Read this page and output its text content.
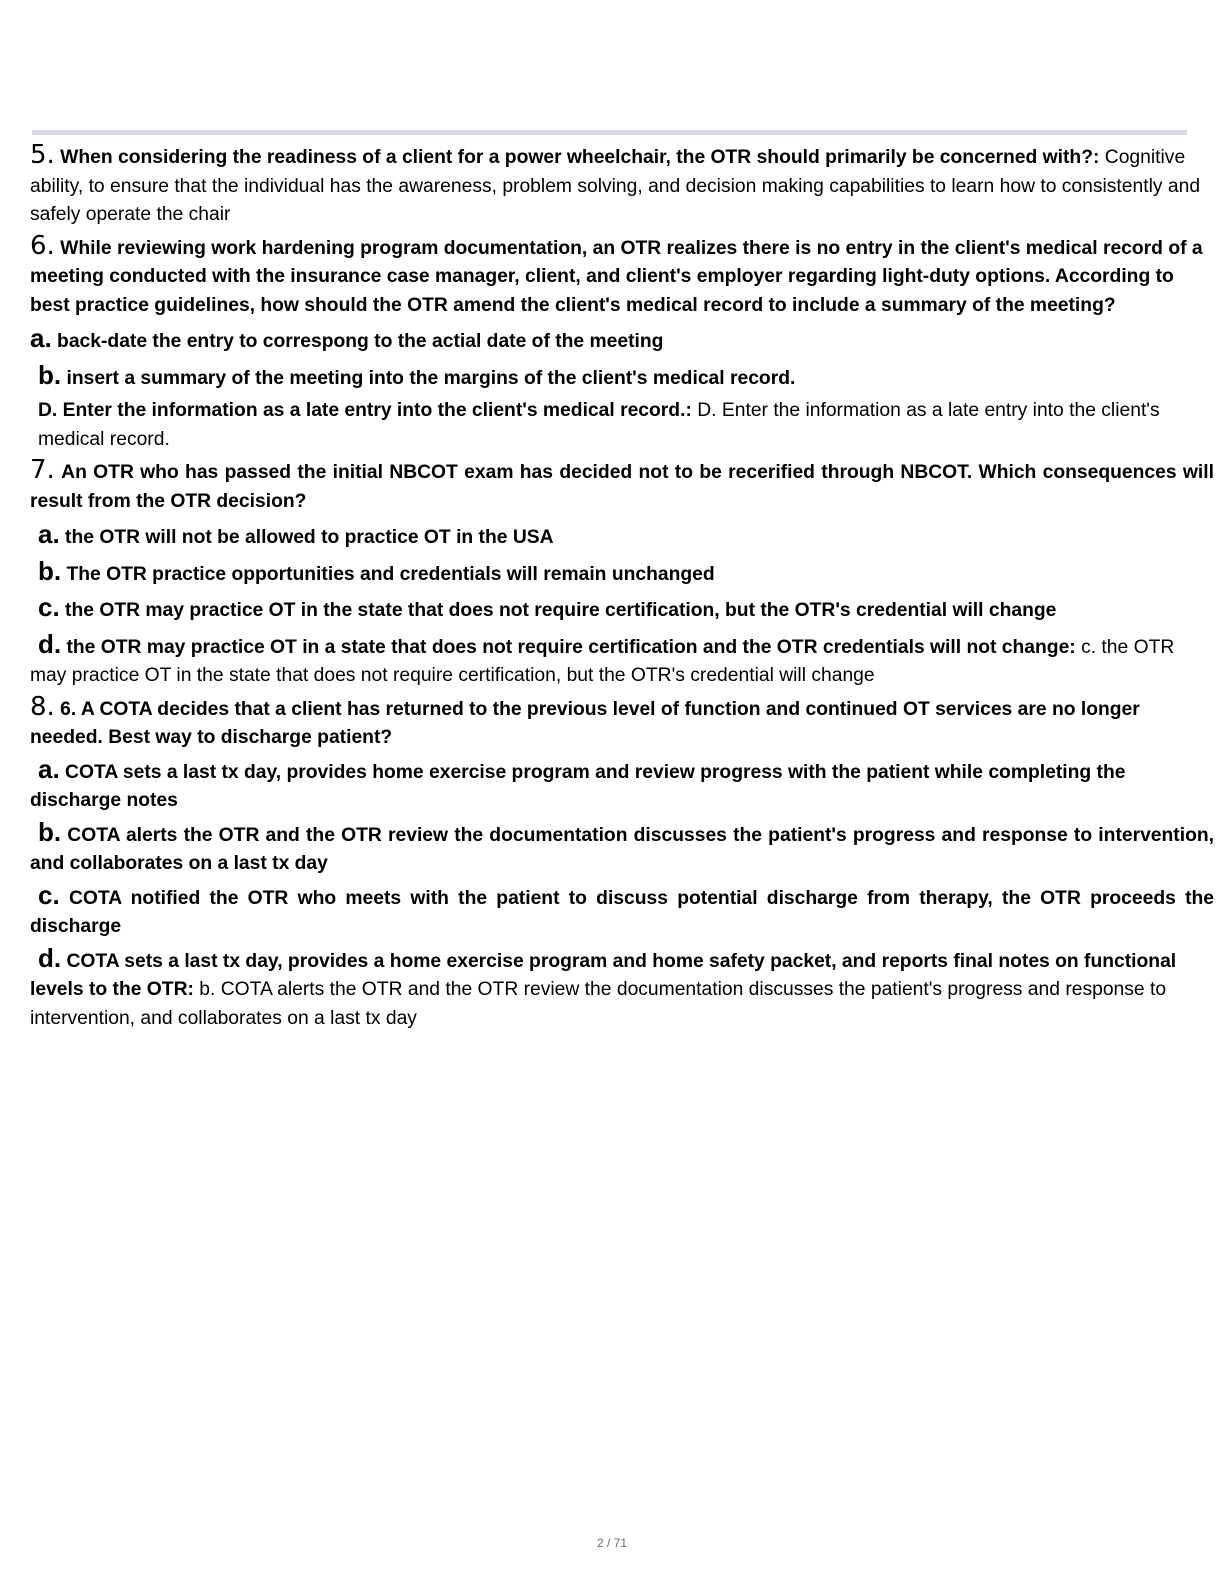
5. When considering the readiness of a client for a power wheelchair, the OTR should primarily be concerned with?: Cognitive ability, to ensure that the individual has the awareness, problem solving, and decision making capabilities to learn how to consistently and safely operate the chair
6. While reviewing work hardening program documentation, an OTR realizes there is no entry in the client's medical record of a meeting conducted with the insurance case manager, client, and client's employer regarding light-duty options. According to best practice guidelines, how should the OTR amend the client's medical record to include a summary of the meeting?
a. back-date the entry to correspong to the actial date of the meeting
b. insert a summary of the meeting into the margins of the client's medical record.
D. Enter the information as a late entry into the client's medical record.: D. Enter the information as a late entry into the client's medical record.
7. An OTR who has passed the initial NBCOT exam has decided not to be recerified through NBCOT. Which consequences will result from the OTR decision?
a. the OTR will not be allowed to practice OT in the USA
b. The OTR practice opportunities and credentials will remain unchanged
c. the OTR may practice OT in the state that does not require certification, but the OTR's credential will change
d. the OTR may practice OT in a state that does not require certification and the OTR credentials will not change: c. the OTR may practice OT in the state that does not require certification, but the OTR's credential will change
8. 6. A COTA decides that a client has returned to the previous level of function and continued OT services are no longer needed. Best way to discharge patient?
a. COTA sets a last tx day, provides home exercise program and review progress with the patient while completing the discharge notes
b. COTA alerts the OTR and the OTR review the documentation discusses the patient's progress and response to intervention, and collaborates on a last tx day
c. COTA notified the OTR who meets with the patient to discuss potential discharge from therapy, the OTR proceeds the discharge
d. COTA sets a last tx day, provides a home exercise program and home safety packet, and reports final notes on functional levels to the OTR: b. COTA alerts the OTR and the OTR review the documentation discusses the patient's progress and response to intervention, and collaborates on a last tx day
2 / 71
